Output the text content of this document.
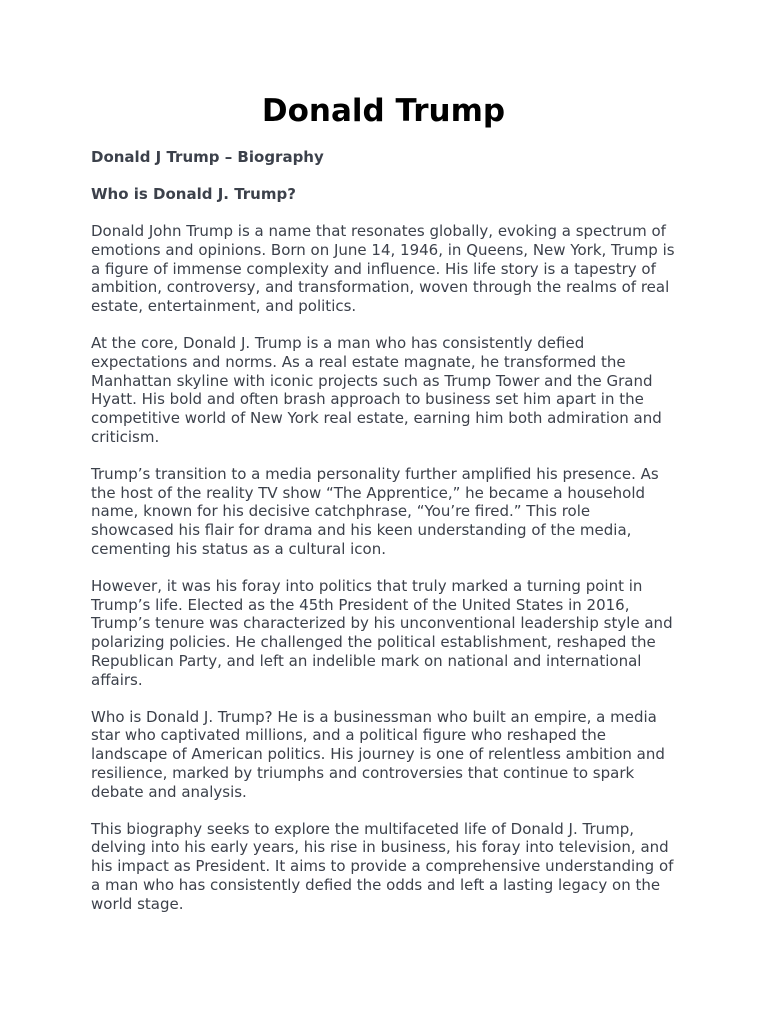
Donald Trump
Donald J Trump – Biography
Who is Donald J. Trump?

Donald John Trump is a name that resonates globally, evoking a spectrum of emotions and opinions. Born on June 14, 1946, in Queens, New York, Trump is a figure of immense complexity and influence. His life story is a tapestry of ambition, controversy, and transformation, woven through the realms of real estate, entertainment, and politics.

At the core, Donald J. Trump is a man who has consistently defied expectations and norms. As a real estate magnate, he transformed the Manhattan skyline with iconic projects such as Trump Tower and the Grand Hyatt. His bold and often brash approach to business set him apart in the competitive world of New York real estate, earning him both admiration and criticism.

Trump’s transition to a media personality further amplified his presence. As the host of the reality TV show “The Apprentice,” he became a household name, known for his decisive catchphrase, “You’re fired.” This role showcased his flair for drama and his keen understanding of the media, cementing his status as a cultural icon.

However, it was his foray into politics that truly marked a turning point in Trump’s life. Elected as the 45th President of the United States in 2016, Trump’s tenure was characterized by his unconventional leadership style and polarizing policies. He challenged the political establishment, reshaped the Republican Party, and left an indelible mark on national and international affairs.

Who is Donald J. Trump? He is a businessman who built an empire, a media star who captivated millions, and a political figure who reshaped the landscape of American politics. His journey is one of relentless ambition and resilience, marked by triumphs and controversies that continue to spark debate and analysis.

This biography seeks to explore the multifaceted life of Donald J. Trump, delving into his early years, his rise in business, his foray into television, and his impact as President. It aims to provide a comprehensive understanding of a man who has consistently defied the odds and left a lasting legacy on the world stage.
